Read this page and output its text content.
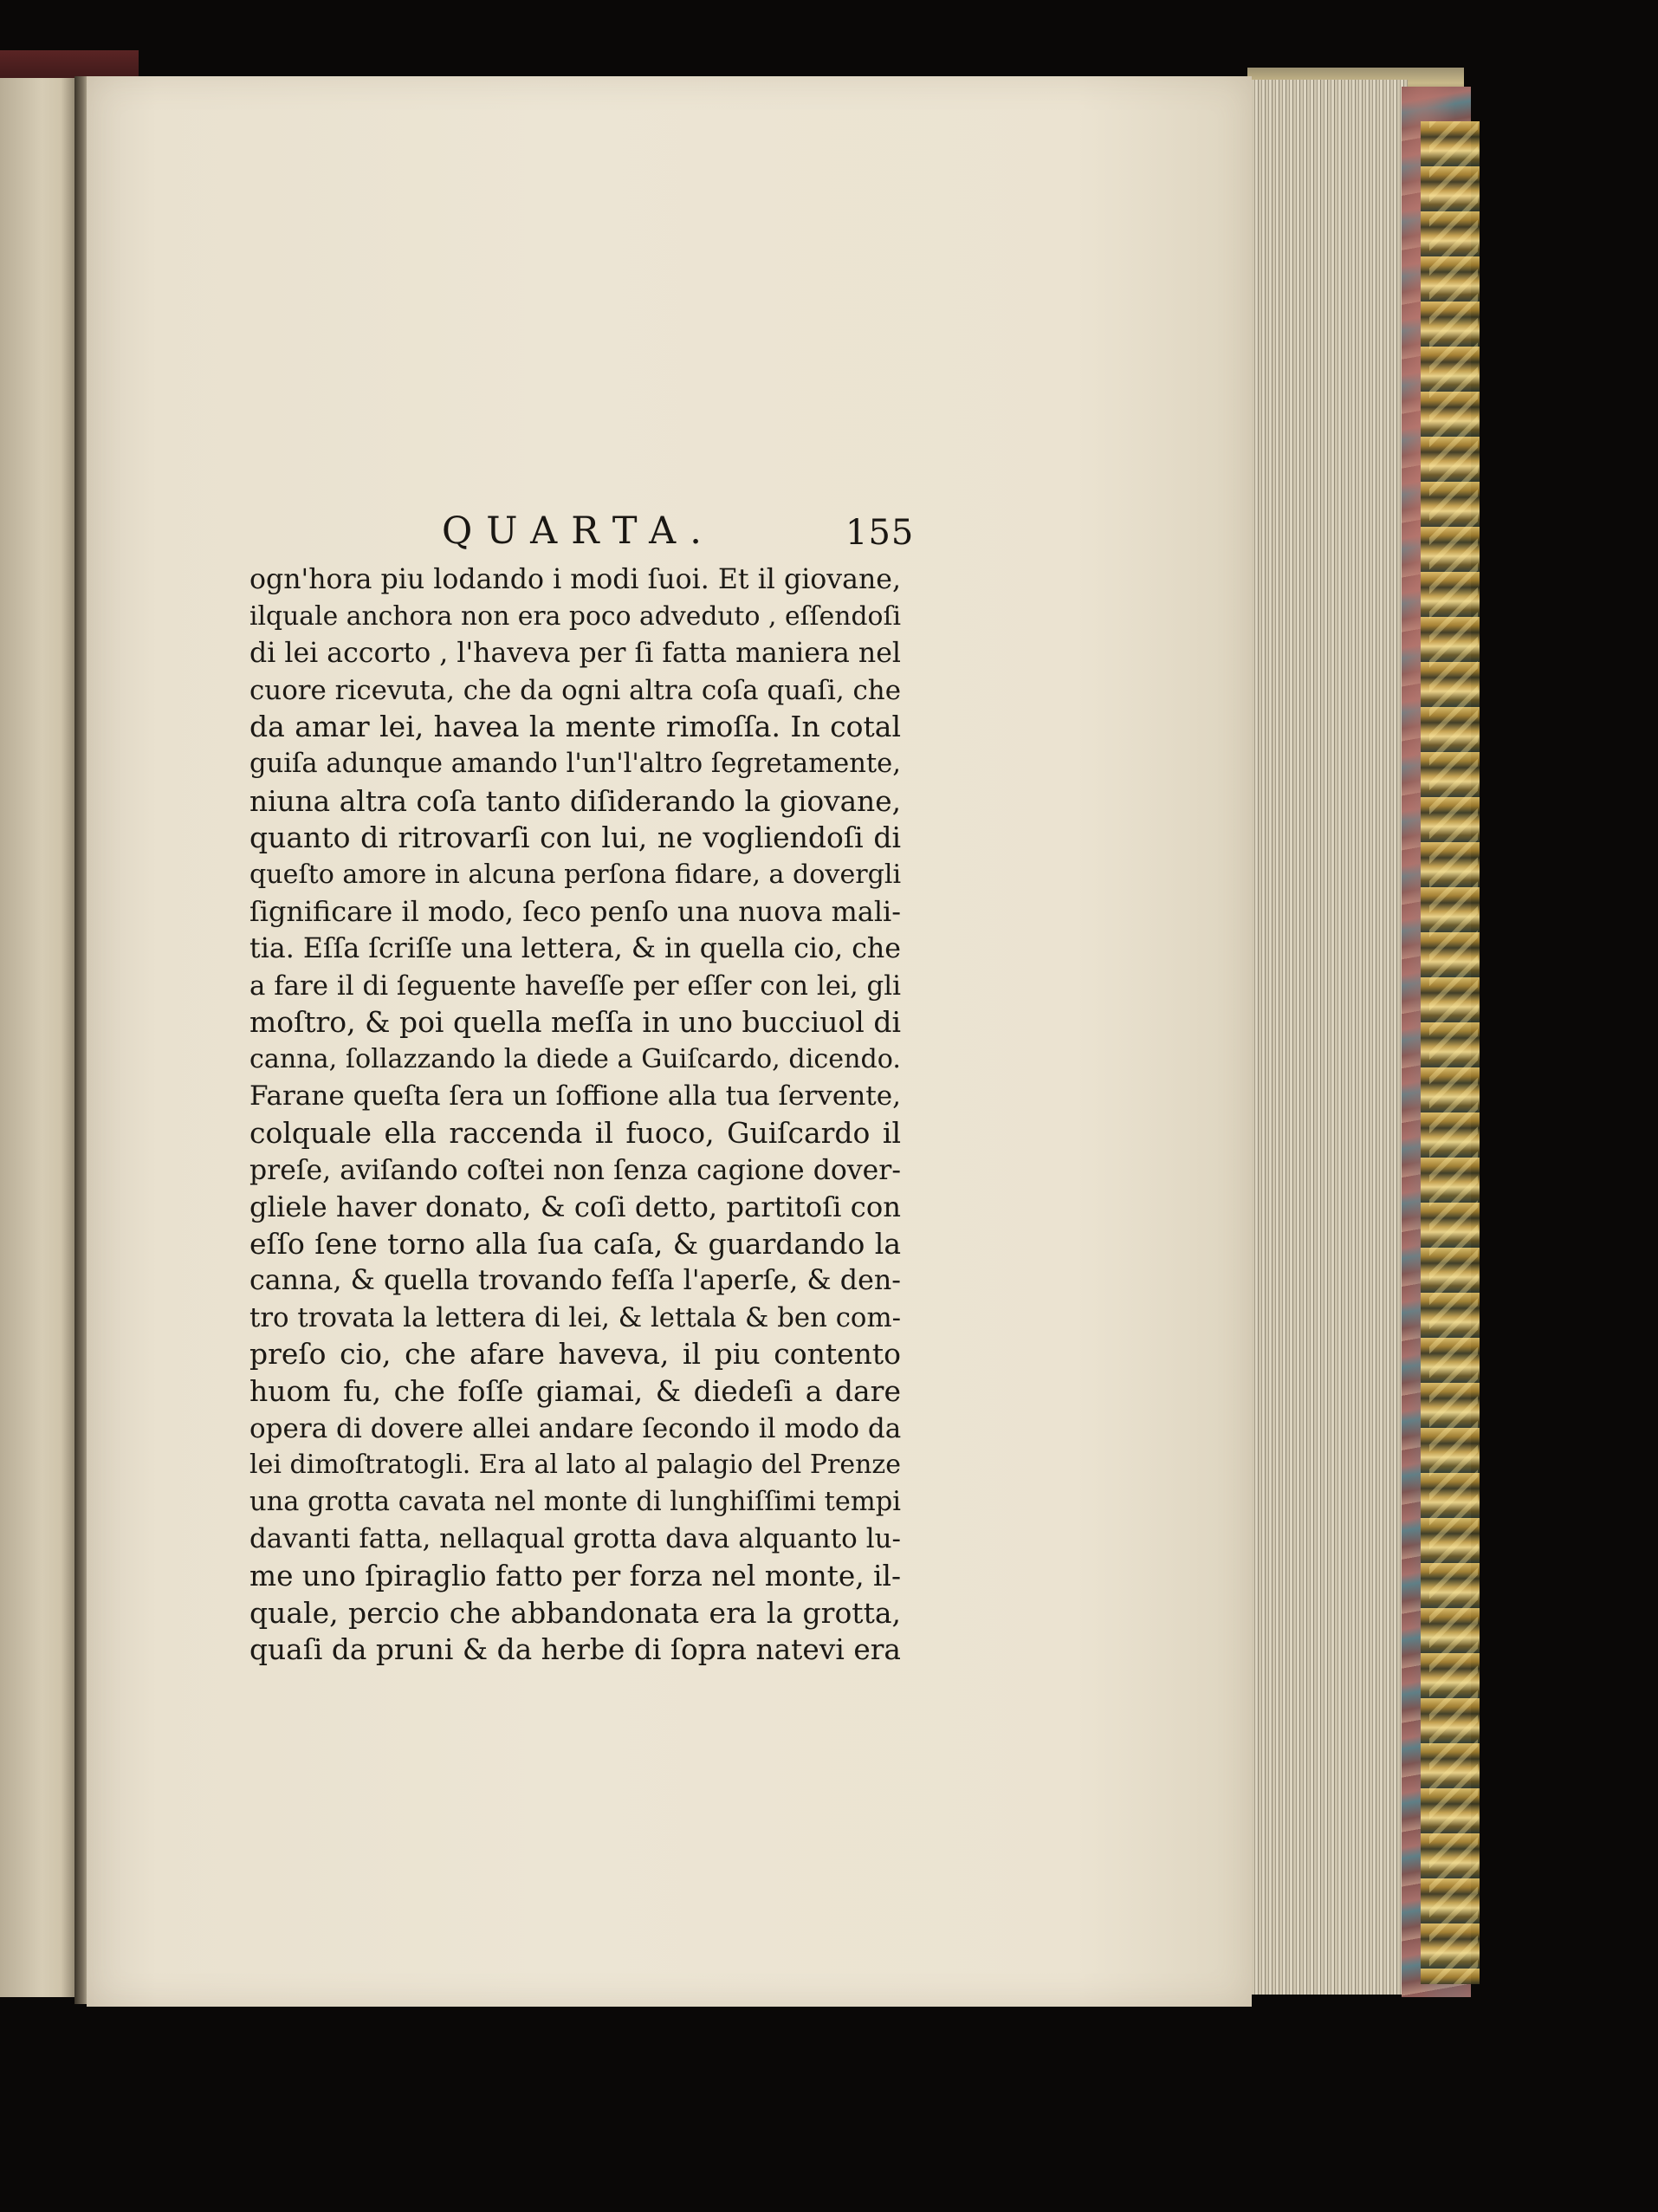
QUARTA.	155
ogn'hora piu lodando i modi ſuoi. Et il giovane,
ilquale anchora non era poco adveduto , eſſendoſi
di lei accorto , l'haveva per ſi fatta maniera nel
cuore ricevuta, che da ogni altra coſa quaſi, che
da amar lei, havea la mente rimoſſa. In cotal
guiſa adunque amando l'un'l'altro ſegretamente,
niuna altra coſa tanto diſiderando la giovane,
quanto di ritrovarſi con lui, ne vogliendoſi di
queſto amore in alcuna perſona fidare, a dovergli
ſignificare il modo, ſeco penſo una nuova mali-
tia. Eſſa ſcriſſe una lettera, & in quella cio, che
a fare il di ſeguente haveſſe per eſſer con lei, gli
moſtro, & poi quella meſſa in uno bucciuol di
canna, ſollazzando la diede a Guiſcardo, dicendo.
Farane queſta ſera un ſoffione alla tua ſervente,
colquale ella raccenda il fuoco, Guiſcardo il
preſe, aviſando coſtei non ſenza cagione dover-
gliele haver donato, & coſi detto, partitoſi con
eſſo ſene torno alla ſua caſa, & guardando la
canna, & quella trovando feſſa l'aperſe, & den-
tro trovata la lettera di lei, & lettala & ben com-
preſo cio, che afare haveva, il piu contento
huom fu, che foſſe giamai, & diedeſi a dare
opera di dovere allei andare ſecondo il modo da
lei dimoſtratogli. Era al lato al palagio del Prenze
una grotta cavata nel monte di lunghiſſimi tempi
davanti fatta, nellaqual grotta dava alquanto lu-
me uno ſpiraglio fatto per forza nel monte, il-
quale, percio che abbandonata era la grotta,
quaſi da pruni & da herbe di ſopra natevi era
